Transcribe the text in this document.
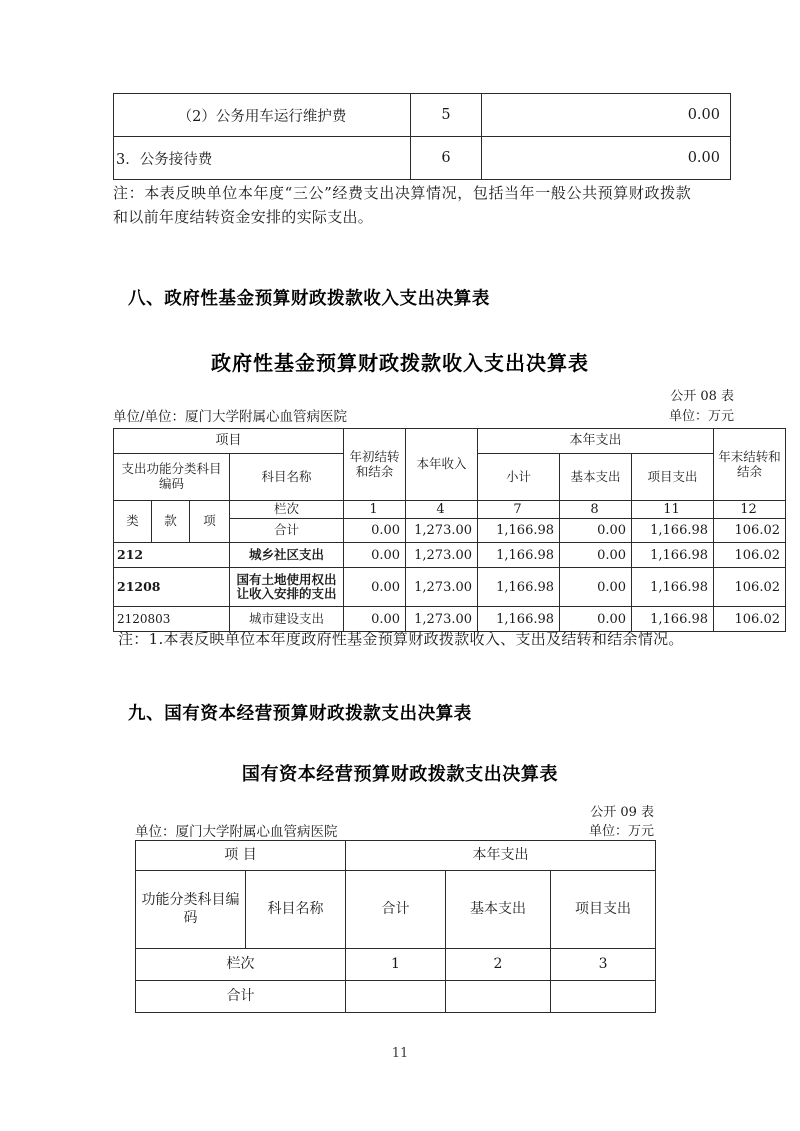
（2）公务用车运行维护费	5	0.00
3．公务接待费	6	0.00
注：本表反映单位本年度“三公”经费支出决算情况，包括当年一般公共预算财政拨款和以前年度结转资金安排的实际支出。
八、政府性基金预算财政拨款收入支出决算表
政府性基金预算财政拨款收入支出决算表
公开 08 表
单位：万元
单位/单位：厦门大学附属心血管病医院
项目				年初结转和结余	本年收入	本年支出			年末结转和结余
支出功能分类科目编码			科目名称			小计	基本支出	项目支出	
类	款	项	栏次	1	4	7	8	11	12
			合计	0.00	1,273.00	1,166.98	0.00	1,166.98	106.02
212			城乡社区支出	0.00	1,273.00	1,166.98	0.00	1,166.98	106.02
21208			国有土地使用权出让收入安排的支出	0.00	1,273.00	1,166.98	0.00	1,166.98	106.02
2120803			城市建设支出	0.00	1,273.00	1,166.98	0.00	1,166.98	106.02
注：1.本表反映单位本年度政府性基金预算财政拨款收入、支出及结转和结余情况。
九、国有资本经营预算财政拨款支出决算表
国有资本经营预算财政拨款支出决算表
公开 09 表
单位：万元
单位：厦门大学附属心血管病医院
项 目		本年支出		
功能分类科目编码	科目名称	合计	基本支出	项目支出
栏次		1	2	3
合计				
11
